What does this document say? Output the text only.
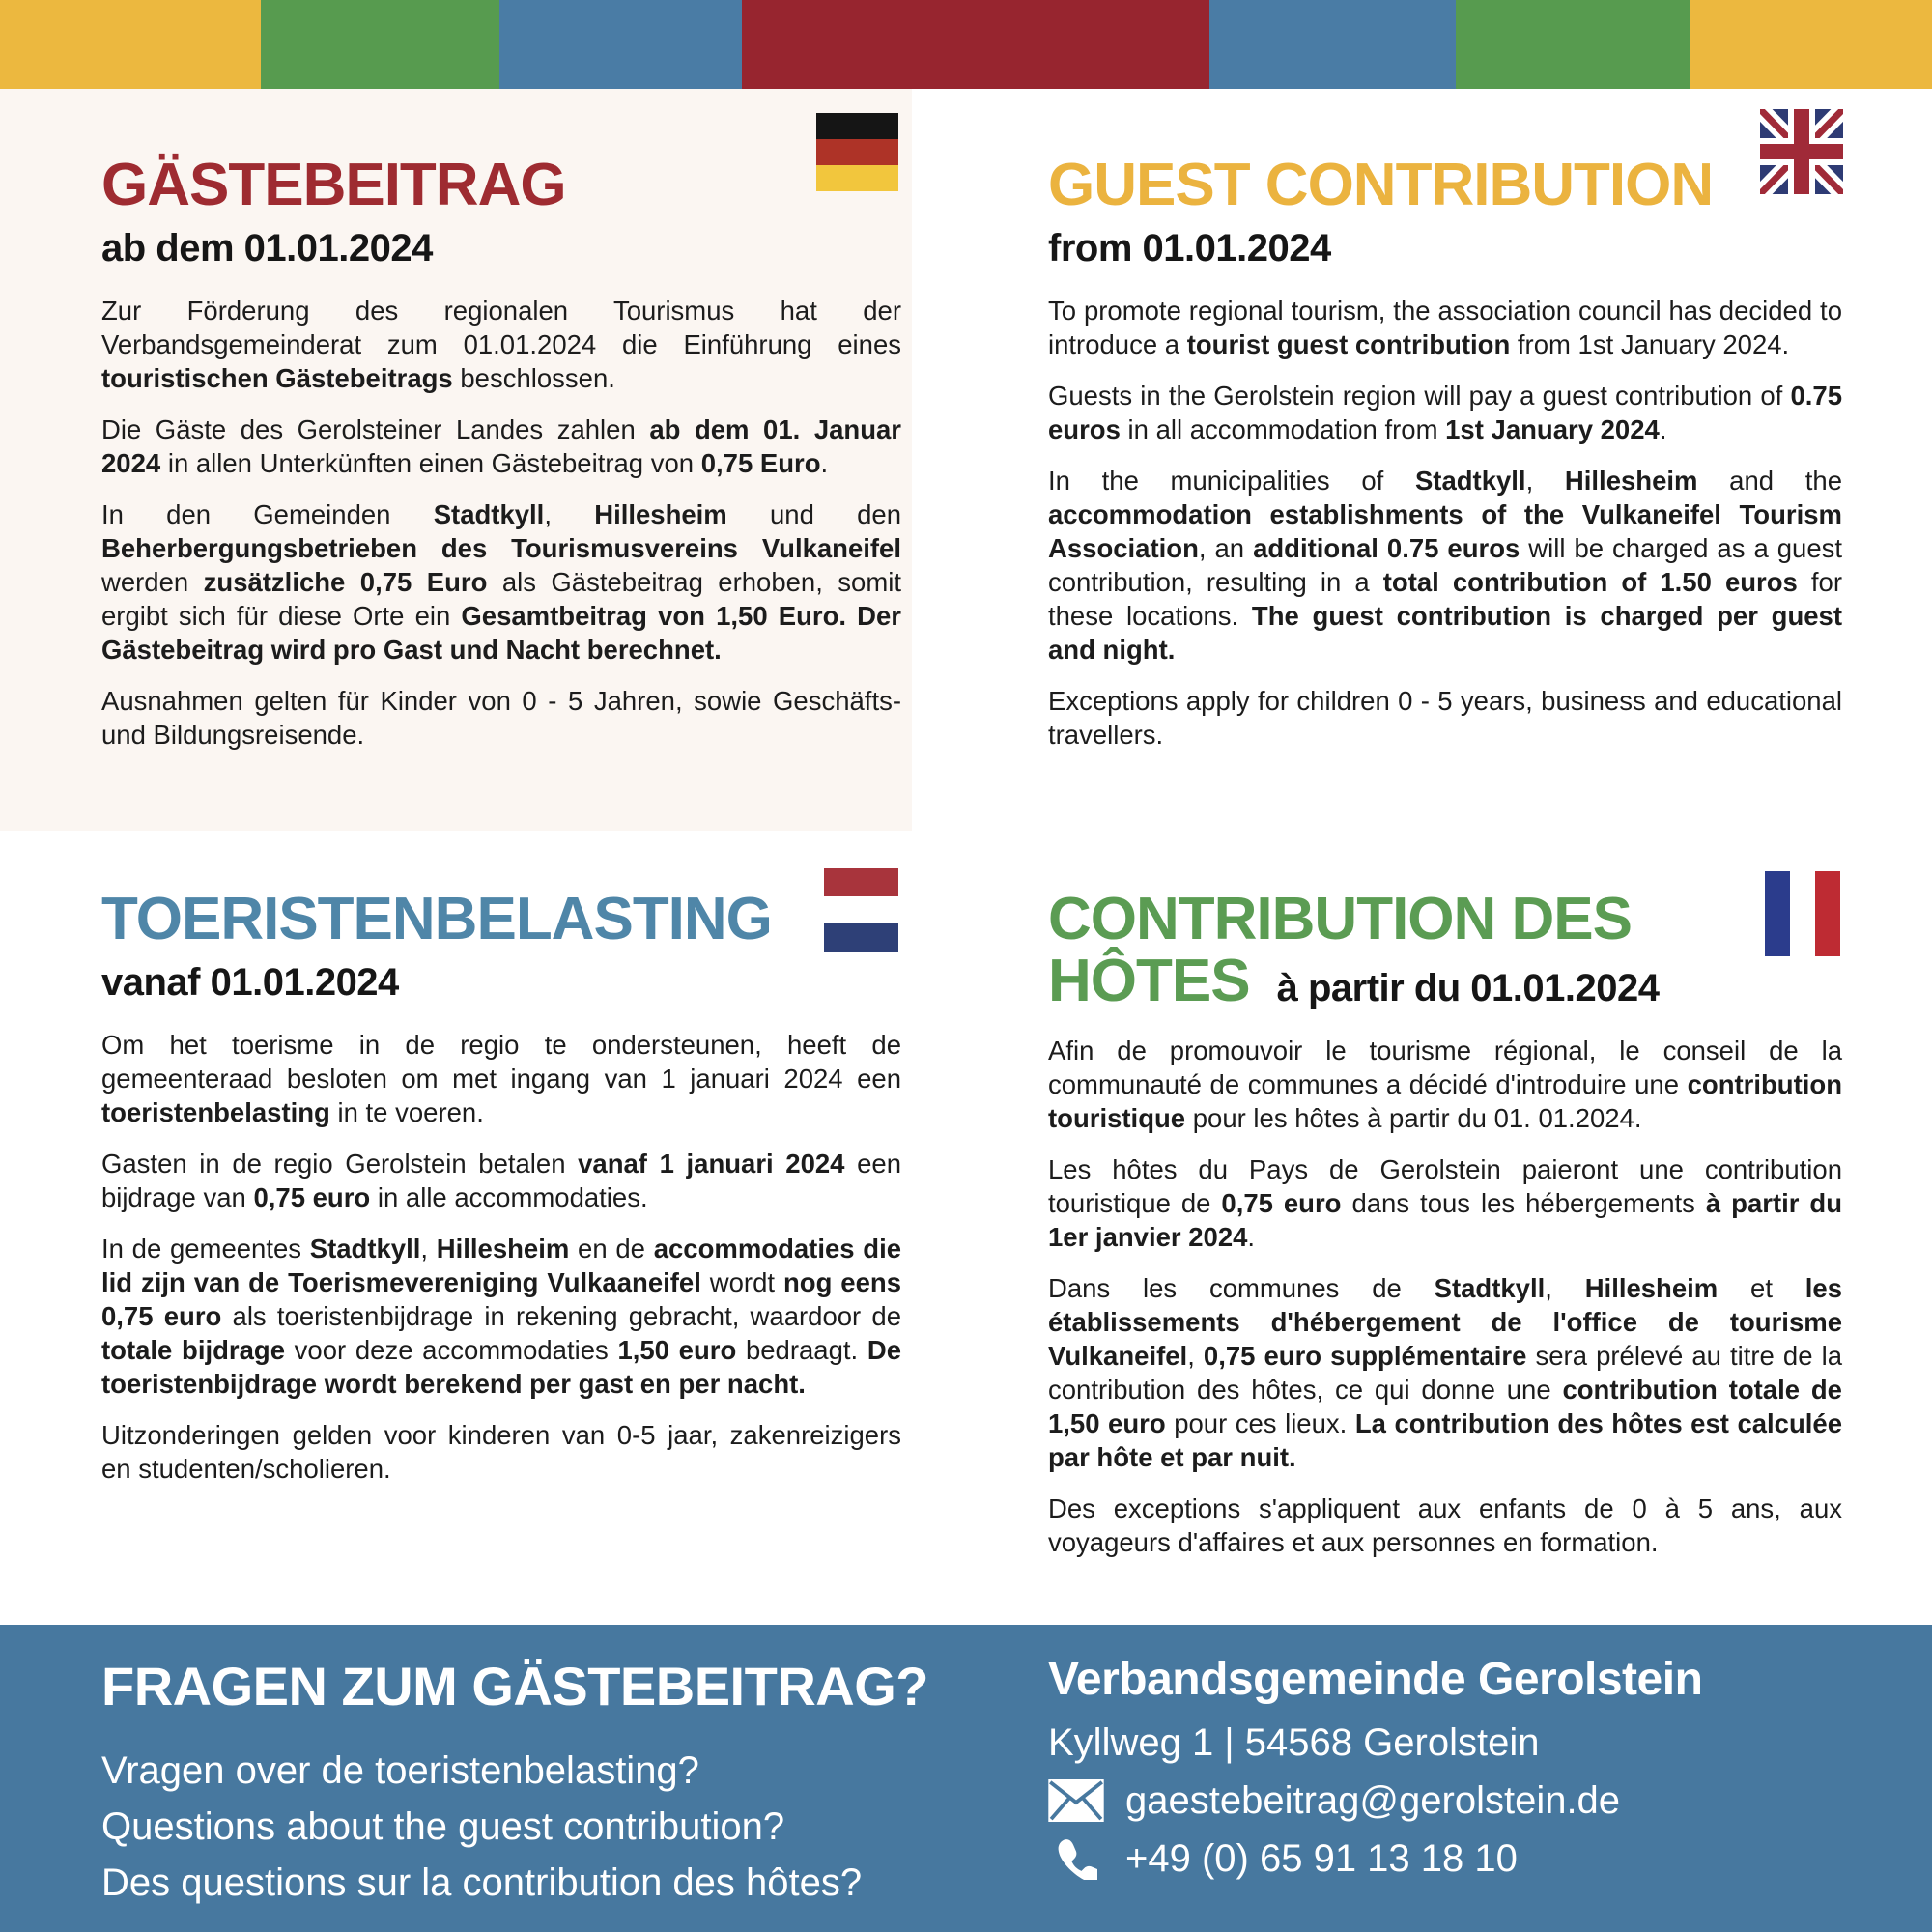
GÄSTEBEITRAG
ab dem 01.01.2024

Zur Förderung des regionalen Tourismus hat der Verbandsgemeinderat zum 01.01.2024 die Einführung eines touristischen Gästebeitrags beschlossen.

Die Gäste des Gerolsteiner Landes zahlen ab dem 01. Januar 2024 in allen Unterkünften einen Gästebeitrag von 0,75 Euro.

In den Gemeinden Stadtkyll, Hillesheim und den Beherbergungsbetrieben des Tourismusvereins Vulkaneifel werden zusätzliche 0,75 Euro als Gästebeitrag erhoben, somit ergibt sich für diese Orte ein Gesamtbeitrag von 1,50 Euro. Der Gästebeitrag wird pro Gast und Nacht berechnet.

Ausnahmen gelten für Kinder von 0 - 5 Jahren, sowie Geschäfts- und Bildungsreisende.

GUEST CONTRIBUTION
from 01.01.2024

To promote regional tourism, the association council has decided to introduce a tourist guest contribution from 1st January 2024.

Guests in the Gerolstein region will pay a guest contribution of 0.75 euros in all accommodation from 1st January 2024.

In the municipalities of Stadtkyll, Hillesheim and the accommodation establishments of the Vulkaneifel Tourism Association, an additional 0.75 euros will be charged as a guest contribution, resulting in a total contribution of 1.50 euros for these locations. The guest contribution is charged per guest and night.

Exceptions apply for children 0 - 5 years, business and educational travellers.

TOERISTENBELASTING
vanaf 01.01.2024

Om het toerisme in de regio te ondersteunen, heeft de gemeenteraad besloten om met ingang van 1 januari 2024 een toeristenbelasting in te voeren.

Gasten in de regio Gerolstein betalen vanaf 1 januari 2024 een bijdrage van 0,75 euro in alle accommodaties.

In de gemeentes Stadtkyll, Hillesheim en de accommodaties die lid zijn van de Toerismevereniging Vulkaaneifel wordt nog eens 0,75 euro als toeristenbijdrage in rekening gebracht, waardoor de totale bijdrage voor deze accommodaties 1,50 euro bedraagt. De toeristenbijdrage wordt berekend per gast en per nacht.

Uitzonderingen gelden voor kinderen van 0-5 jaar, zakenreizigers en studenten/scholieren.

CONTRIBUTION DES
HÔTES à partir du 01.01.2024

Afin de promouvoir le tourisme régional, le conseil de la communauté de communes a décidé d'introduire une contribution touristique pour les hôtes à partir du 01. 01.2024.

Les hôtes du Pays de Gerolstein paieront une contribution touristique de 0,75 euro dans tous les hébergements à partir du 1er janvier 2024.

Dans les communes de Stadtkyll, Hillesheim et les établissements d'hébergement de l'office de tourisme Vulkaneifel, 0,75 euro supplémentaire sera prélevé au titre de la contribution des hôtes, ce qui donne une contribution totale de 1,50 euro pour ces lieux. La contribution des hôtes est calculée par hôte et par nuit.

Des exceptions s'appliquent aux enfants de 0 à 5 ans, aux voyageurs d'affaires et aux personnes en formation.

FRAGEN ZUM GÄSTEBEITRAG?
Vragen over de toeristenbelasting?
Questions about the guest contribution?
Des questions sur la contribution des hôtes?
Verbandsgemeinde Gerolstein
Kyllweg 1 | 54568 Gerolstein
gaestebeitrag@gerolstein.de
+49 (0) 65 91 13 18 10
